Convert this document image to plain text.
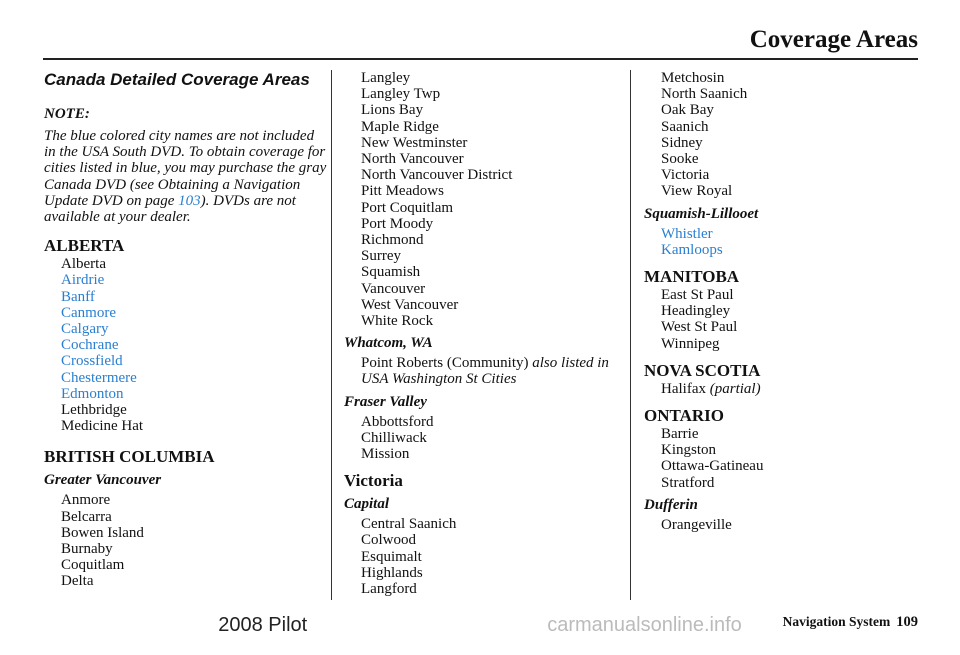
Coverage Areas
Canada Detailed Coverage Areas
NOTE:

The blue colored city names are not included in the USA South DVD. To obtain coverage for cities listed in blue, you may purchase the gray Canada DVD (see Obtaining a Navigation Update DVD on page 103). DVDs are not available at your dealer.

ALBERTA
Alberta
Airdrie
Banff
Canmore
Calgary
Cochrane
Crossfield
Chestermere
Edmonton
Lethbridge
Medicine Hat
BRITISH COLUMBIA
Greater Vancouver
Anmore
Belcarra
Bowen Island
Burnaby
Coquitlam
Delta
Langley
Langley Twp
Lions Bay
Maple Ridge
New Westminster
North Vancouver
North Vancouver District
Pitt Meadows
Port Coquitlam
Port Moody
Richmond
Surrey
Squamish
Vancouver
West Vancouver
White Rock
Whatcom, WA
Point Roberts (Community) also listed in USA Washington St Cities
Fraser Valley
Abbottsford
Chilliwack
Mission
Victoria
Capital
Central Saanich
Colwood
Esquimalt
Highlands
Langford
Metchosin
North Saanich
Oak Bay
Saanich
Sidney
Sooke
Victoria
View Royal
Squamish-Lillooet
Whistler
Kamloops
MANITOBA
East St Paul
Headingley
West St Paul
Winnipeg
NOVA SCOTIA
Halifax (partial)
ONTARIO
Barrie
Kingston
Ottawa-Gatineau
Stratford
Dufferin
Orangeville
Navigation System 109
2008 Pilot	carmanualsonline.info
